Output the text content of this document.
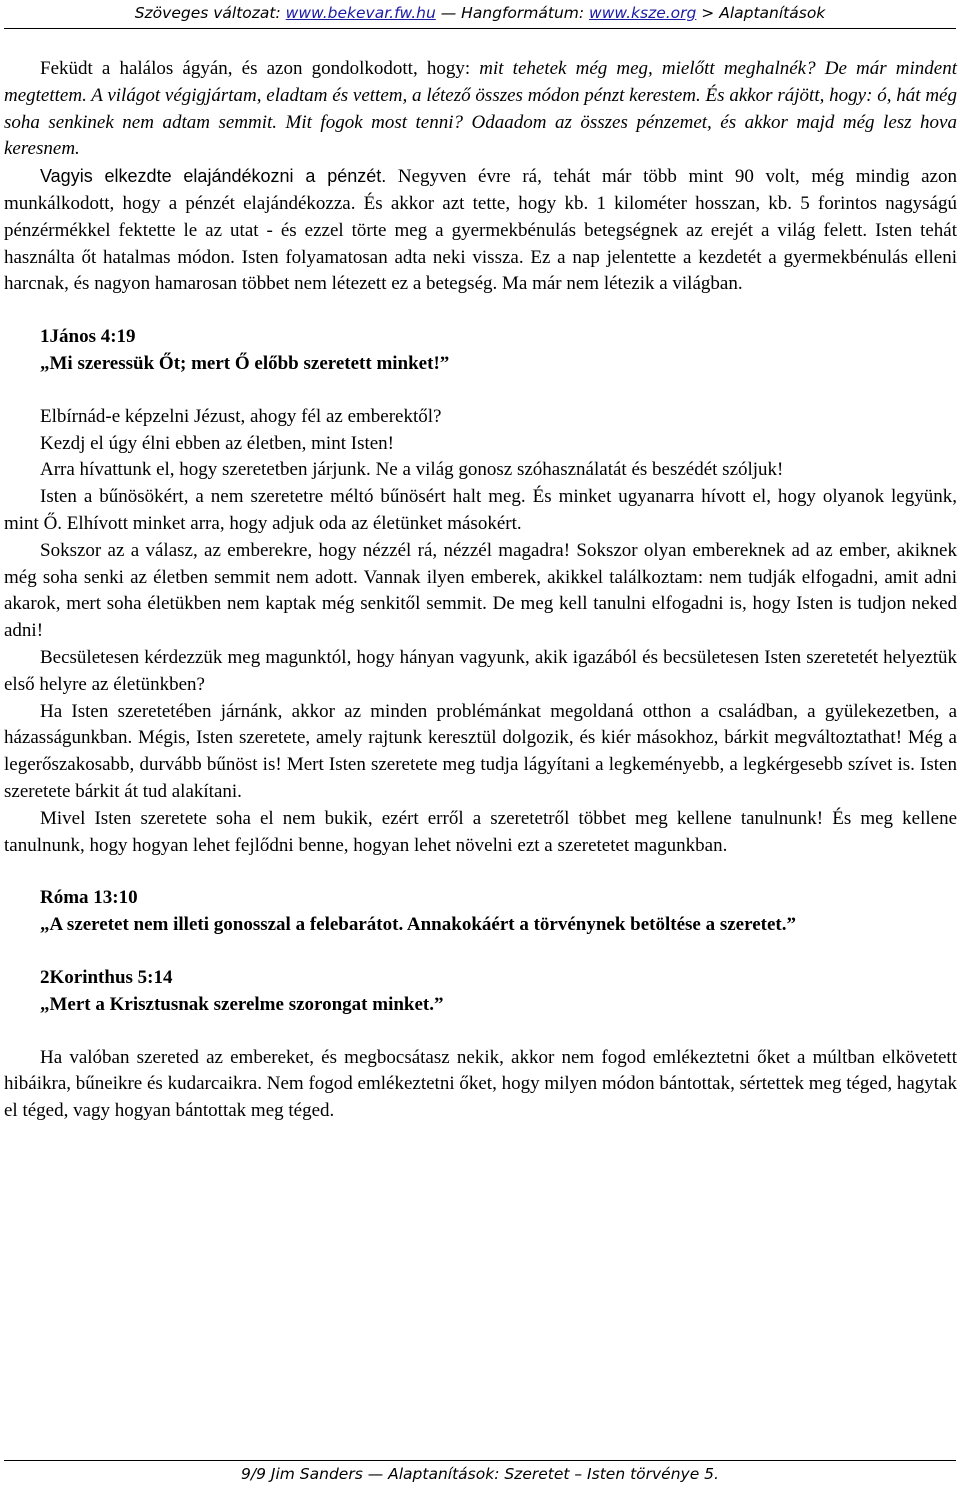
Szöveges változat: www.bekevar.fw.hu — Hangformátum: www.ksze.org > Alaptanítások

Feküdt a halálos ágyán, és azon gondolkodott, hogy: mit tehetek még meg, mielőtt meghalnék? De már mindent megtettem. A világot végigjártam, eladtam és vettem, a létező összes módon pénzt kerestem. És akkor rájött, hogy: ó, hát még soha senkinek nem adtam semmit. Mit fogok most tenni? Odaadom az összes pénzemet, és akkor majd még lesz hova keresnem.

Vagyis elkezdte elajándékozni a pénzét. Negyven évre rá, tehát már több mint 90 volt, még mindig azon munkálkodott, hogy a pénzét elajándékozza. És akkor azt tette, hogy kb. 1 kilométer hosszan, kb. 5 forintos nagyságú pénzérmékkel fektette le az utat - és ezzel törte meg a gyermekbénulás betegségnek az erejét a világ felett. Isten tehát használta őt hatalmas módon. Isten folyamatosan adta neki vissza. Ez a nap jelentette a kezdetét a gyermekbénulás elleni harcnak, és nagyon hamarosan többet nem létezett ez a betegség. Ma már nem létezik a világban.

1János 4:19

„Mi szeressük Őt; mert Ő előbb szeretett minket!”

Elbírnád-e képzelni Jézust, ahogy fél az emberektől?

Kezdj el úgy élni ebben az életben, mint Isten!

Arra hívattunk el, hogy szeretetben járjunk. Ne a világ gonosz szóhasználatát és beszédét szóljuk!

Isten a bűnösökért, a nem szeretetre méltó bűnösért halt meg. És minket ugyanarra hívott el, hogy olyanok legyünk, mint Ő. Elhívott minket arra, hogy adjuk oda az életünket másokért.

Sokszor az a válasz, az emberekre, hogy nézzél rá, nézzél magadra! Sokszor olyan embereknek ad az ember, akiknek még soha senki az életben semmit nem adott. Vannak ilyen emberek, akikkel találkoztam: nem tudják elfogadni, amit adni akarok, mert soha életükben nem kaptak még senkitől semmit. De meg kell tanulni elfogadni is, hogy Isten is tudjon neked adni!

Becsületesen kérdezzük meg magunktól, hogy hányan vagyunk, akik igazából és becsületesen Isten szeretetét helyeztük első helyre az életünkben?

Ha Isten szeretetében járnánk, akkor az minden problémánkat megoldaná otthon a családban, a gyülekezetben, a házasságunkban. Mégis, Isten szeretete, amely rajtunk keresztül dolgozik, és kiér másokhoz, bárkit megváltoztathat! Még a legerőszakosabb, durvább bűnöst is! Mert Isten szeretete meg tudja lágyítani a legkeményebb, a legkérgesebb szívet is. Isten szeretete bárkit át tud alakítani.

Mivel Isten szeretete soha el nem bukik, ezért erről a szeretetről többet meg kellene tanulnunk! És meg kellene tanulnunk, hogy hogyan lehet fejlődni benne, hogyan lehet növelni ezt a szeretetet magunkban.

Róma 13:10

„A szeretet nem illeti gonosszal a felebarátot. Annakokáért a törvénynek betöltése a szeretet.”

2Korinthus 5:14

„Mert a Krisztusnak szerelme szorongat minket.”

Ha valóban szereted az embereket, és megbocsátasz nekik, akkor nem fogod emlékeztetni őket a múltban elkövetett hibáikra, bűneikre és kudarcaikra. Nem fogod emlékeztetni őket, hogy milyen módon bántottak, sértettek meg téged, hagytak el téged, vagy hogyan bántottak meg téged.

9/9 Jim Sanders — Alaptanítások: Szeretet – Isten törvénye 5.
